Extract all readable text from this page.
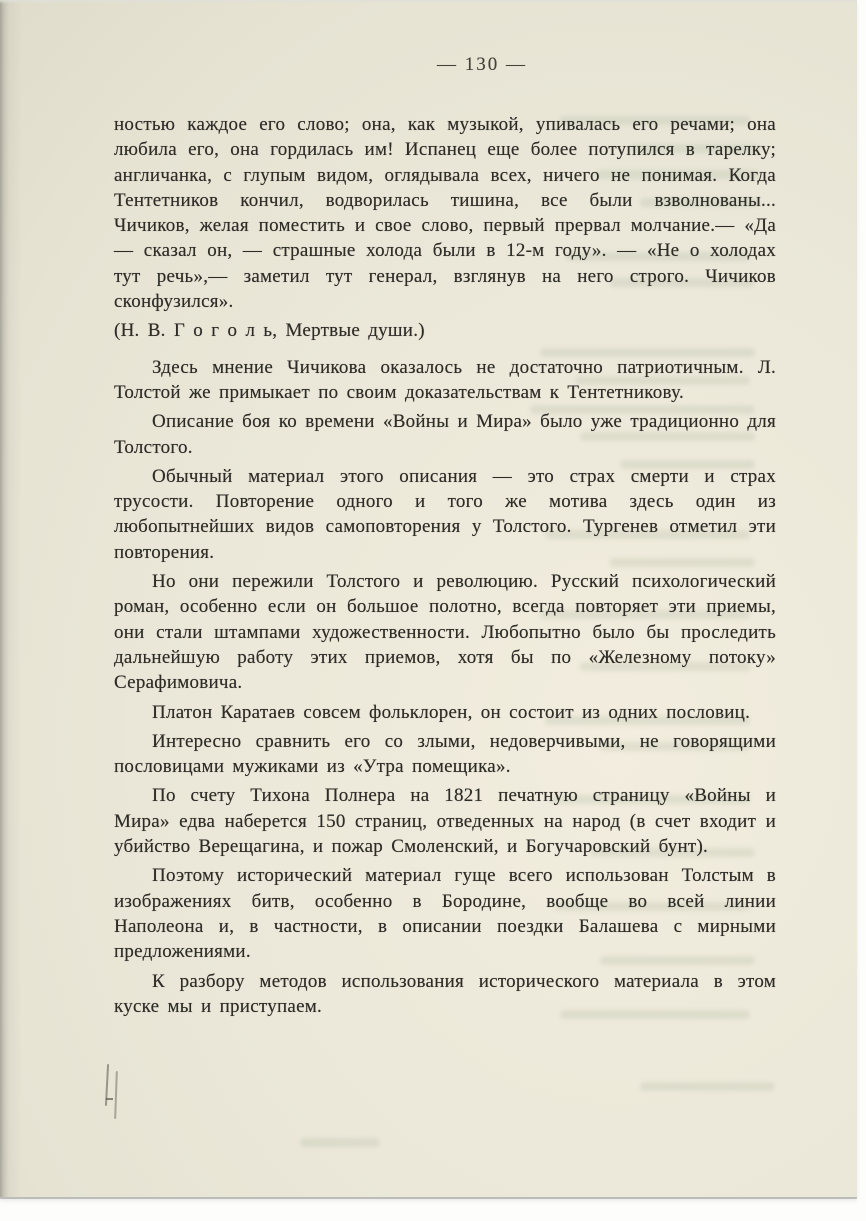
— 130 —

ностью каждое его слово; она, как музыкой, упивалась его речами; она любила его, она гордилась им! Испанец еще более потупился в тарелку; англичанка, с глупым видом, оглядывала всех, ничего не понимая. Когда Тентетников кончил, водворилась тишина, все были взволнованы... Чичиков, желая поместить и свое слово, первый прервал молчание.— «Да — сказал он, — страшные холода были в 12-м году». — «Не о холодах тут речь»,— заметил тут генерал, взглянув на него строго. Чичиков сконфузился».

(Н. В. Г о г о л ь, Мертвые души.)

Здесь мнение Чичикова оказалось не достаточно патриотичным. Л. Толстой же примыкает по своим доказательствам к Тентетникову.

Описание боя ко времени «Войны и Мира» было уже традиционно для Толстого.

Обычный материал этого описания — это страх смерти и страх трусости. Повторение одного и того же мотива здесь один из любопытнейших видов самоповторения у Толстого. Тургенев отметил эти повторения.

Но они пережили Толстого и революцию. Русский психологический роман, особенно если он большое полотно, всегда повторяет эти приемы, они стали штампами художественности. Любопытно было бы проследить дальнейшую работу этих приемов, хотя бы по «Железному потоку» Серафимовича.

Платон Каратаев совсем фольклорен, он состоит из одних пословиц.

Интересно сравнить его со злыми, недоверчивыми, не говорящими пословицами мужиками из «Утра помещика».

По счету Тихона Полнера на 1821 печатную страницу «Войны и Мира» едва наберется 150 страниц, отведенных на народ (в счет входит и убийство Верещагина, и пожар Смоленский, и Богучаровский бунт).

Поэтому исторический материал гуще всего использован Толстым в изображениях битв, особенно в Бородине, вообще во всей линии Наполеона и, в частности, в описании поездки Балашева с мирными предложениями.

К разбору методов использования исторического материала в этом куске мы и приступаем.
